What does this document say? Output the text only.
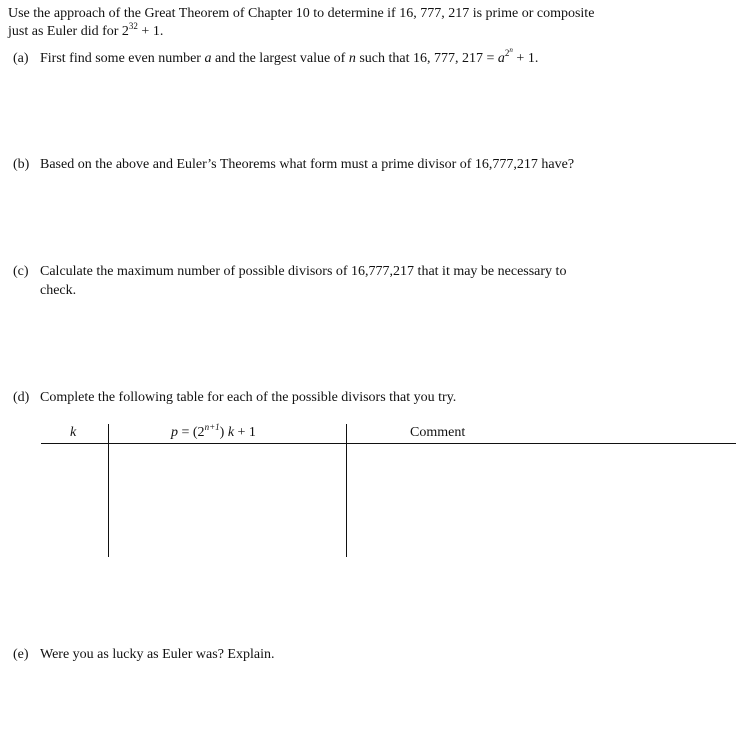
Use the approach of the Great Theorem of Chapter 10 to determine if 16, 777, 217 is prime or composite
just as Euler did for $2^{32} + 1$.
(a) First find some even number a and the largest value of n such that 16, 777, $217 = a^{2^n} + 1$.
(b) Based on the above and Euler’s Theorems what form must a prime divisor of 16,777,217 have?
(c) Calculate the maximum number of possible divisors of 16,777,217 that it may be necessary to
check.
(d) Complete the following table for each of the possible divisors that you try.
k	$p = (2^{n+1}) k + 1$	Comment
(e) Were you as lucky as Euler was? Explain.
